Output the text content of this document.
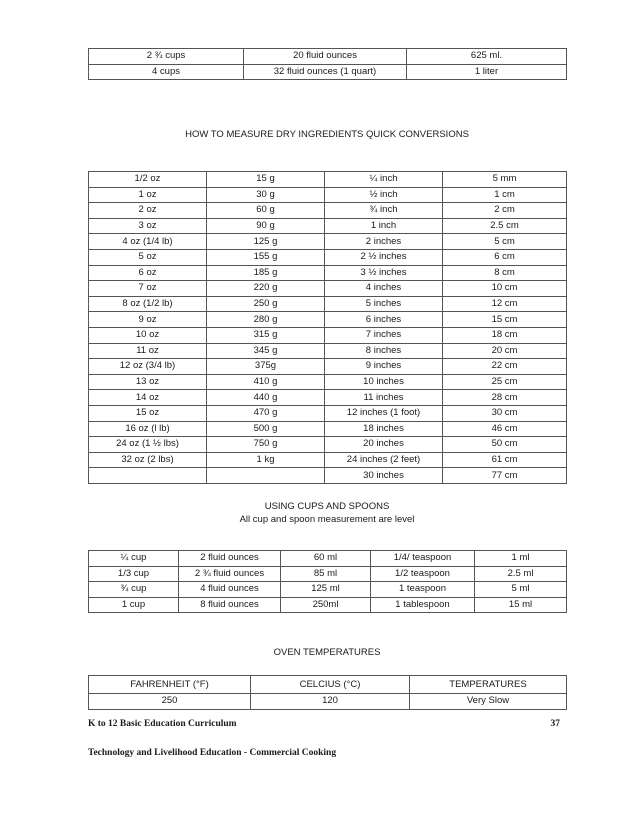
2 ¾ cups	20 fluid ounces	625 ml.
4 cups	32 fluid ounces (1 quart)	1 liter
HOW TO MEASURE DRY INGREDIENTS QUICK CONVERSIONS
1/2 oz	15 g	¼ inch	5 mm
1 oz	30 g	½ inch	1 cm
2 oz	60 g	¾ inch	2 cm
3 oz	90 g	1 inch	2.5 cm
4 oz (1/4 lb)	125 g	2 inches	5 cm
5 oz	155 g	2 ½ inches	6 cm
6 oz	185 g	3 ½ inches	8 cm
7 oz	220 g	4 inches	10 cm
8 oz (1/2 lb)	250 g	5 inches	12 cm
9 oz	280 g	6 inches	15 cm
10 oz	315 g	7 inches	18 cm
11 oz	345 g	8 inches	20 cm
12 oz (3/4 lb)	375g	9 inches	22 cm
13 oz	410 g	10 inches	25 cm
14 oz	440 g	11 inches	28 cm
15 oz	470 g	12 inches (1 foot)	30 cm
16 oz (l lb)	500 g	18 inches	46 cm
24 oz (1 ½ lbs)	750 g	20 inches	50 cm
32 oz (2 lbs)	1 kg	24 inches (2 feet)	61 cm
		30 inches	77 cm
USING CUPS AND SPOONS
All cup and spoon measurement are level
¼ cup	2 fluid ounces	60 ml	1/4/ teaspoon	1 ml
1/3 cup	2 ¾ fluid ounces	85 ml	1/2 teaspoon	2.5 ml
¾ cup	4 fluid ounces	125 ml	1 teaspoon	5 ml
1 cup	8 fluid ounces	250ml	1 tablespoon	15 ml
OVEN TEMPERATURES
FAHRENHEIT (°F)	CELCIUS (°C)	TEMPERATURES
250	120	Very Slow
K to 12 Basic Education Curriculum	37
Technology and Livelihood Education - Commercial Cooking
